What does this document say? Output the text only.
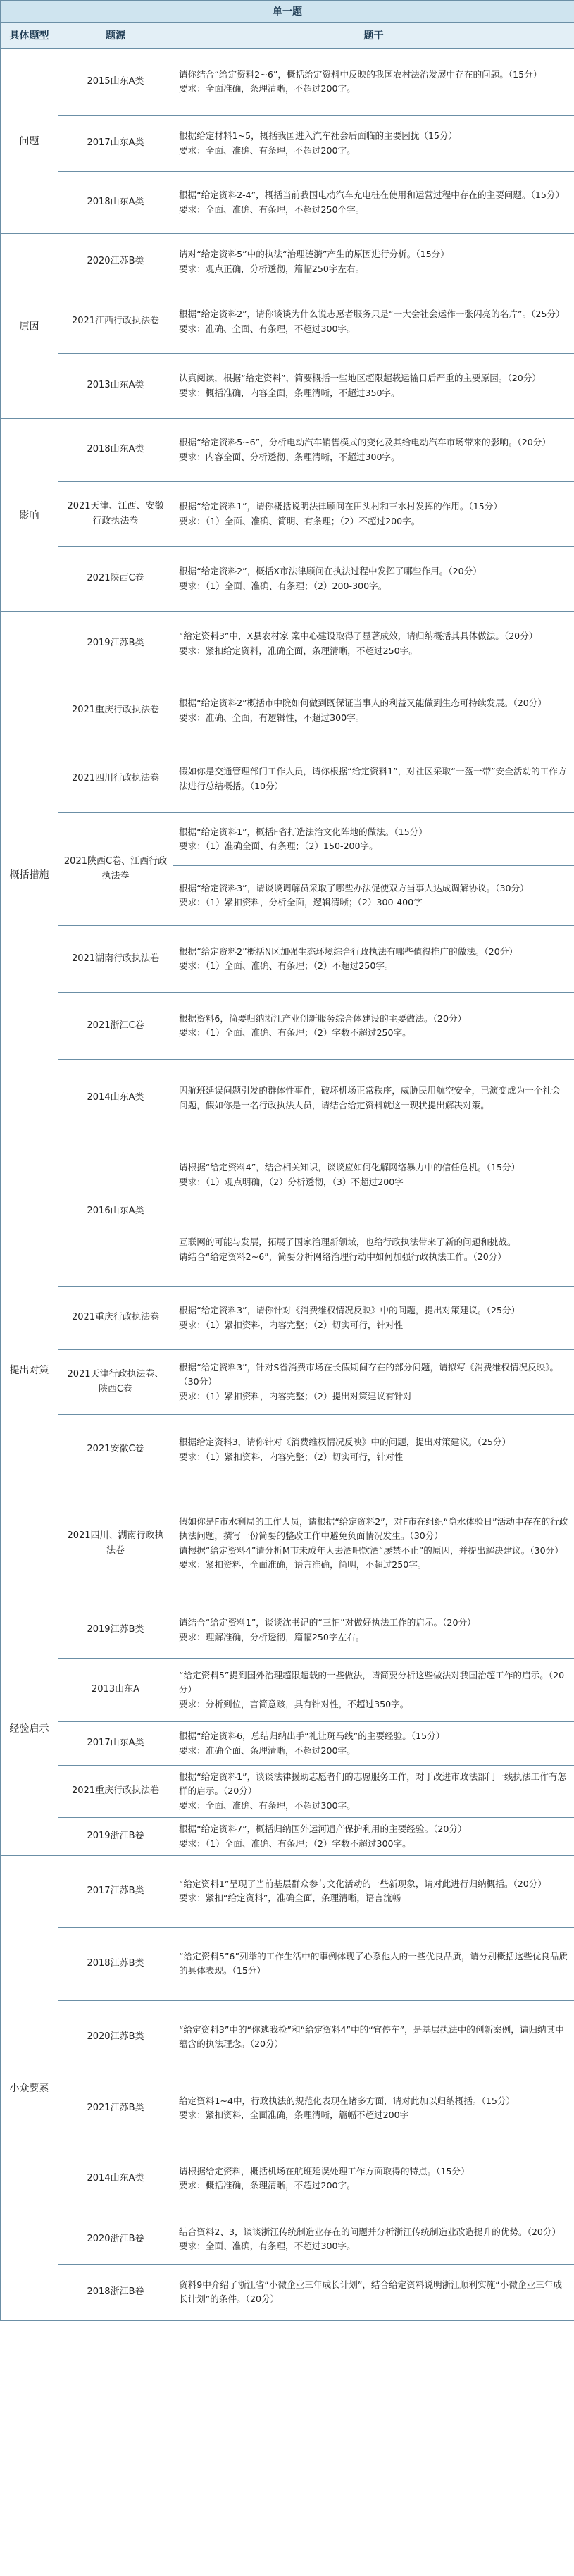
单一题		
具体题型	题源	题干
问题	2015山东A类	请你结合“给定资料2~6”，概括给定资料中反映的我国农村法治发展中存在的问题。（15分）
要求：全面准确，条理清晰，不超过200字。
	2017山东A类	根据给定材料1~5，概括我国进入汽车社会后面临的主要困扰（15分）
要求：全面、准确、有条理，不超过200字。
	2018山东A类	根据“给定资料2-4”，概括当前我国电动汽车充电桩在使用和运营过程中存在的主要问题。（15分）
要求：全面、准确、有条理，不超过250个字。
原因	2020江苏B类	请对“给定资料5”中的执法“治理涟漪”产生的原因进行分析。（15分）
要求：观点正确，分析透彻，篇幅250字左右。
	2021江西行政执法卷	根据“给定资料2”，请你谈谈为什么说志愿者服务只是“一大会社会运作一张闪亮的名片”。（25分）
要求：准确、全面、有条理，不超过300字。
	2013山东A类	认真阅读，根据“给定资料”，简要概括一些地区超限超载运输日后严重的主要原因。（20分）
要求：概括准确，内容全面，条理清晰，不超过350字。
影响	2018山东A类	根据“给定资料5~6”，分析电动汽车销售模式的变化及其给电动汽车市场带来的影响。（20分）
要求：内容全面、分析透彻、条理清晰，不超过300字。
	2021天津、江西、安徽行政执法卷	根据“给定资料1”，请你概括说明法律顾问在田头村和三水村发挥的作用。（15分）
要求：（1）全面、准确、简明、有条理；（2）不超过200字。
	2021陕西C卷	根据“给定资料2”，概括X市法律顾问在执法过程中发挥了哪些作用。（20分）
要求：（1）全面、准确、有条理；（2）200-300字。
概括措施	2019江苏B类	“给定资料3”中，X县农村家 案中心建设取得了显著成效，请归纳概括其具体做法。（20分）
要求：紧扣给定资料，准确全面，条理清晰，不超过250字。
	2021重庆行政执法卷	根据“给定资料2”概括市中院如何做到既保证当事人的利益又能做到生态可持续发展。（20分）
要求：准确、全面，有逻辑性，不超过300字。
	2021四川行政执法卷	假如你是交通管理部门工作人员，请你根据“给定资料1”，对社区采取“一盔一带”安全活动的工作方法进行总结概括。（10分）
	2021陕西C卷、江西行政执法卷	根据“给定资料1”，概括F省打造法治文化阵地的做法。（15分）
要求：（1）准确全面、有条理；（2）150-200字。
		根据“给定资料3”，请谈谈调解员采取了哪些办法促使双方当事人达成调解协议。（30分）
要求：（1）紧扣资料，分析全面，逻辑清晰；（2）300-400字
	2021湖南行政执法卷	根据“给定资料2”概括N区加强生态环境综合行政执法有哪些值得推广的做法。（20分）
要求：（1）全面、准确、有条理；（2）不超过250字。
	2021浙江C卷	根据资料6，简要归纳浙江产业创新服务综合体建设的主要做法。（20分）
要求：（1）全面、准确、有条理；（2）字数不超过250字。
	2014山东A类	因航班延误问题引发的群体性事件，破坏机场正常秩序，威胁民用航空安全，已演变成为一个社会问题，假如你是一名行政执法人员，请结合给定资料就这一现状提出解决对策。
提出对策	2016山东A类	请根据“给定资料4”，结合相关知识，谈谈应如何化解网络暴力中的信任危机。（15分）
要求：（1）观点明确，（2）分析透彻，（3）不超过200字
		互联网的可能与发展，拓展了国家治理新领域，也给行政执法带来了新的问题和挑战。
请结合“给定资料2~6”，简要分析网络治理行动中如何加强行政执法工作。（20分）
	2021重庆行政执法卷	根据“给定资料3”，请你针对《消费维权情况反映》中的问题，提出对策建议。（25分）
要求：（1）紧扣资料，内容完整；（2）切实可行，针对性
	2021天津行政执法卷、陕西C卷	根据“给定资料3”，针对S省消费市场在长假期间存在的部分问题，请拟写《消费维权情况反映》。（30分）
要求：（1）紧扣资料，内容完整；（2）提出对策建议有针对
	2021安徽C卷	根据给定资料3，请你针对《消费维权情况反映》中的问题，提出对策建议。（25分）
要求：（1）紧扣资料，内容完整；（2）切实可行，针对性
	2021四川、湖南行政执法卷	假如你是F市水利局的工作人员，请根据“给定资料2”，对F市在组织“隐水体验日”活动中存在的行政执法问题，撰写一份简要的整改工作中避免负面情况发生。（30分）
请根据“给定资料4”请分析M市未成年人去酒吧饮酒“屡禁不止”的原因，并提出解决建议。（30分）
要求：紧扣资料，全面准确，语言准确，简明，不超过250字。
经验启示	2019江苏B类	请结合“给定资料1”，谈谈沈书记的“三怕”对做好执法工作的启示。（20分）
要求：理解准确，分析透彻，篇幅250字左右。
	2013山东A	“给定资料5”提到国外治理超限超载的一些做法，请简要分析这些做法对我国治超工作的启示。（20分）
要求：分析到位，言简意赅，具有针对性，不超过350字。
	2017山东A类	根据“给定资料6，总结归纳出手“礼让斑马线”的主要经验。（15分）
要求：准确全面、条理清晰，不超过200字。
	2021重庆行政执法卷	根据“给定资料1”，谈谈法律援助志愿者们的志愿服务工作，对于改进市政法部门一线执法工作有怎样的启示。（20分）
要求：全面、准确、有条理，不超过300字。
	2019浙江B卷	根据“给定资料7”，概括归纳国外运河遗产保护利用的主要经验。（20分）
要求：（1）全面、准确、有条理；（2）字数不超过300字。
小众要素	2017江苏B类	“给定资料1”呈现了当前基层群众参与文化活动的一些新现象，请对此进行归纳概括。（20分）
要求：紧扣“给定资料”，准确全面，条理清晰，语言流畅
	2018江苏B类	“给定资料5”6”列举的工作生活中的事例体现了心系他人的一些优良品质，请分别概括这些优良品质的具体表现。（15分）
	2020江苏B类	“给定资料3”中的“你逃我检”和“给定资料4”中的“宜停车”，是基层执法中的创新案例，请归纳其中蕴含的执法理念。（20分）
	2021江苏B类	给定资料1~4中，行政执法的规范化表现在诸多方面，请对此加以归纳概括。（15分）
要求：紧扣资料，全面准确，条理清晰，篇幅不超过200字
	2014山东A类	请根据给定资料，概括机场在航班延误处理工作方面取得的特点。（15分）
要求：概括准确，条理清晰，不超过200字。
	2020浙江B卷	结合资料2、3，谈谈浙江传统制造业存在的问题并分析浙江传统制造业改造提升的优势。（20分）
要求：全面、准确，有条理，不超过300字。
	2018浙江B卷	资料9中介绍了浙江省“小微企业三年成长计划”，结合给定资料说明浙江顺利实施“小微企业三年成长计划”的条件。（20分）
